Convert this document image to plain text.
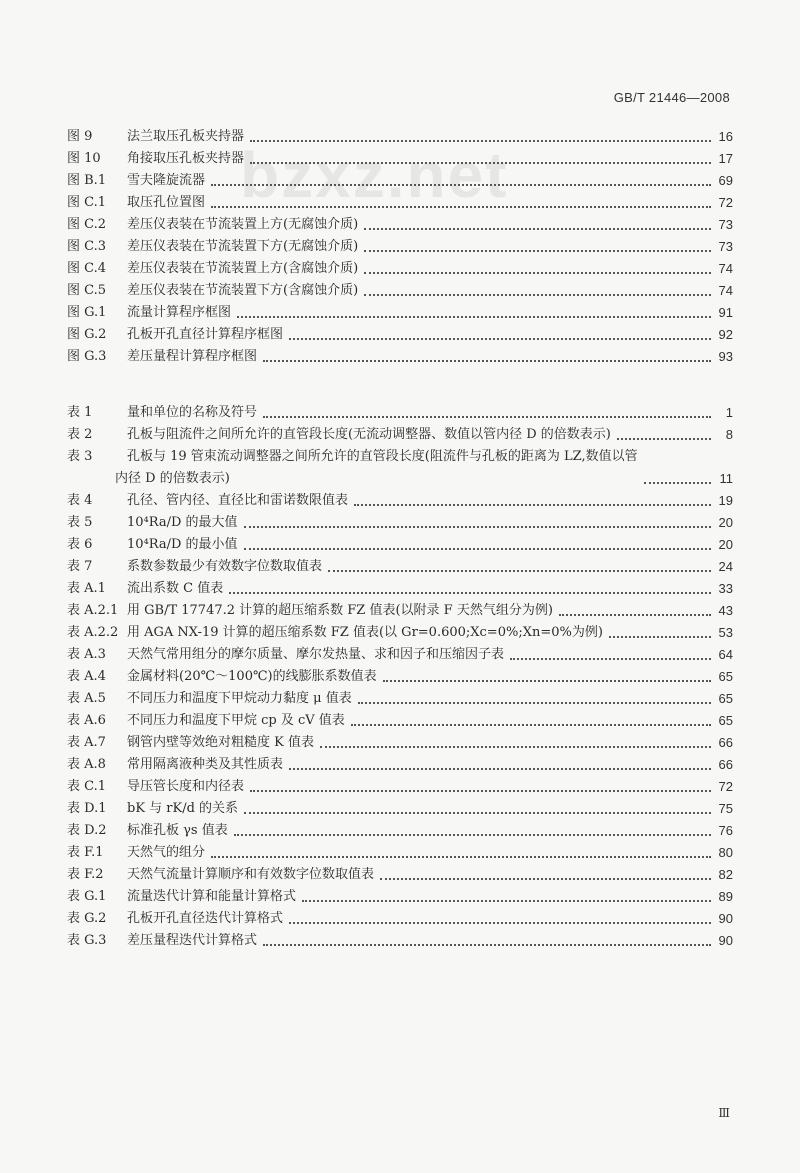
GB/T 21446—2008
bzxz.net
图 9	法兰取压孔板夹持器	16
图 10 角接取压孔板夹持器	17
图 B.1 雪夫隆旋流器	69
图 C.1 取压孔位置图	72
图 C.2 差压仪表装在节流装置上方(无腐蚀介质)	73
图 C.3 差压仪表装在节流装置下方(无腐蚀介质)	73
图 C.4 差压仪表装在节流装置上方(含腐蚀介质)	74
图 C.5 差压仪表装在节流装置下方(含腐蚀介质)	74
图 G.1 流量计算程序框图	91
图 G.2 孔板开孔直径计算程序框图	92
图 G.3 差压量程计算程序框图	93
表 1	量和单位的名称及符号	1
表 2	孔板与阻流件之间所允许的直管段长度(无流动调整器、数值以管内径 D 的倍数表示)	8
表 3	孔板与 19 管束流动调整器之间所允许的直管段长度(阻流件与孔板的距离为 LZ,数值以管
内径 D 的倍数表示)	11
表 4	孔径、管内径、直径比和雷诺数限值表	19
表 5	10⁴Ra/D 的最大值	20
表 6	10⁴Ra/D 的最小值	20
表 7	系数参数最少有效数字位数取值表	24
表 A.1 流出系数 C 值表	33
表 A.2.1 用 GB/T 17747.2 计算的超压缩系数 FZ 值表(以附录 F 天然气组分为例)	43
表 A.2.2 用 AGA NX-19 计算的超压缩系数 FZ 值表(以 Gr=0.600;Xc=0%;Xn=0%为例)	53
表 A.3 天然气常用组分的摩尔质量、摩尔发热量、求和因子和压缩因子表	64
表 A.4 金属材料(20℃～100℃)的线膨胀系数值表	65
表 A.5 不同压力和温度下甲烷动力黏度 μ 值表	65
表 A.6 不同压力和温度下甲烷 cp 及 cV 值表	65
表 A.7 钢管内壁等效绝对粗糙度 K 值表	66
表 A.8 常用隔离液种类及其性质表	66
表 C.1 导压管长度和内径表	72
表 D.1 bK 与 rK/d 的关系	75
表 D.2 标准孔板 γs 值表	76
表 F.1 天然气的组分	80
表 F.2 天然气流量计算顺序和有效数字位数取值表	82
表 G.1 流量迭代计算和能量计算格式	89
表 G.2 孔板开孔直径迭代计算格式	90
表 G.3 差压量程迭代计算格式	90
Ⅲ
